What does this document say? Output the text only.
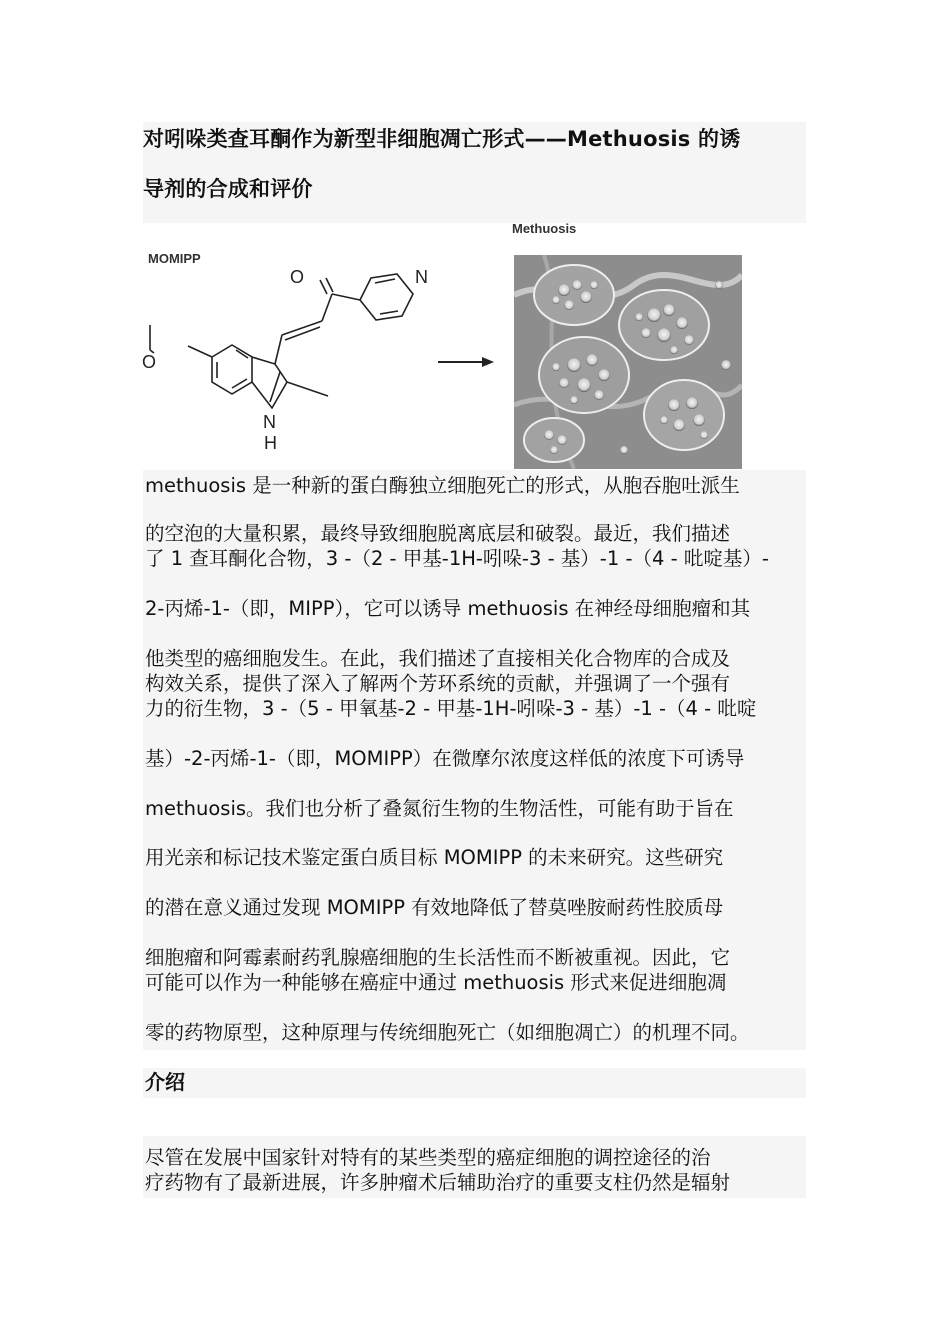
对吲哚类查耳酮作为新型非细胞凋亡形式——Methuosis 的诱
导剂的合成和评价
MOMIPP
Methuosis
O	N
O
N
H
methuosis 是一种新的蛋白酶独立细胞死亡的形式，从胞吞胞吐派生
的空泡的大量积累，最终导致细胞脱离底层和破裂。最近，我们描述
了 1 查耳酮化合物，3 -（2 - 甲基-1H-吲哚-3 - 基）-1 -（4 - 吡啶基）-
2-丙烯-1-（即，MIPP），它可以诱导 methuosis 在神经母细胞瘤和其
他类型的癌细胞发生。在此，我们描述了直接相关化合物库的合成及
构效关系，提供了深入了解两个芳环系统的贡献，并强调了一个强有
力的衍生物，3 -（5 - 甲氧基-2 - 甲基-1H-吲哚-3 - 基）-1 -（4 - 吡啶
基）-2-丙烯-1-（即，MOMIPP）在微摩尔浓度这样低的浓度下可诱导
methuosis。我们也分析了叠氮衍生物的生物活性，可能有助于旨在
用光亲和标记技术鉴定蛋白质目标 MOMIPP 的未来研究。这些研究
的潜在意义通过发现 MOMIPP 有效地降低了替莫唑胺耐药性胶质母
细胞瘤和阿霉素耐药乳腺癌细胞的生长活性而不断被重视。因此，它
可能可以作为一种能够在癌症中通过 methuosis 形式来促进细胞凋
零的药物原型，这种原理与传统细胞死亡（如细胞凋亡）的机理不同。
介绍
尽管在发展中国家针对特有的某些类型的癌症细胞的调控途径的治
疗药物有了最新进展，许多肿瘤术后辅助治疗的重要支柱仍然是辐射
